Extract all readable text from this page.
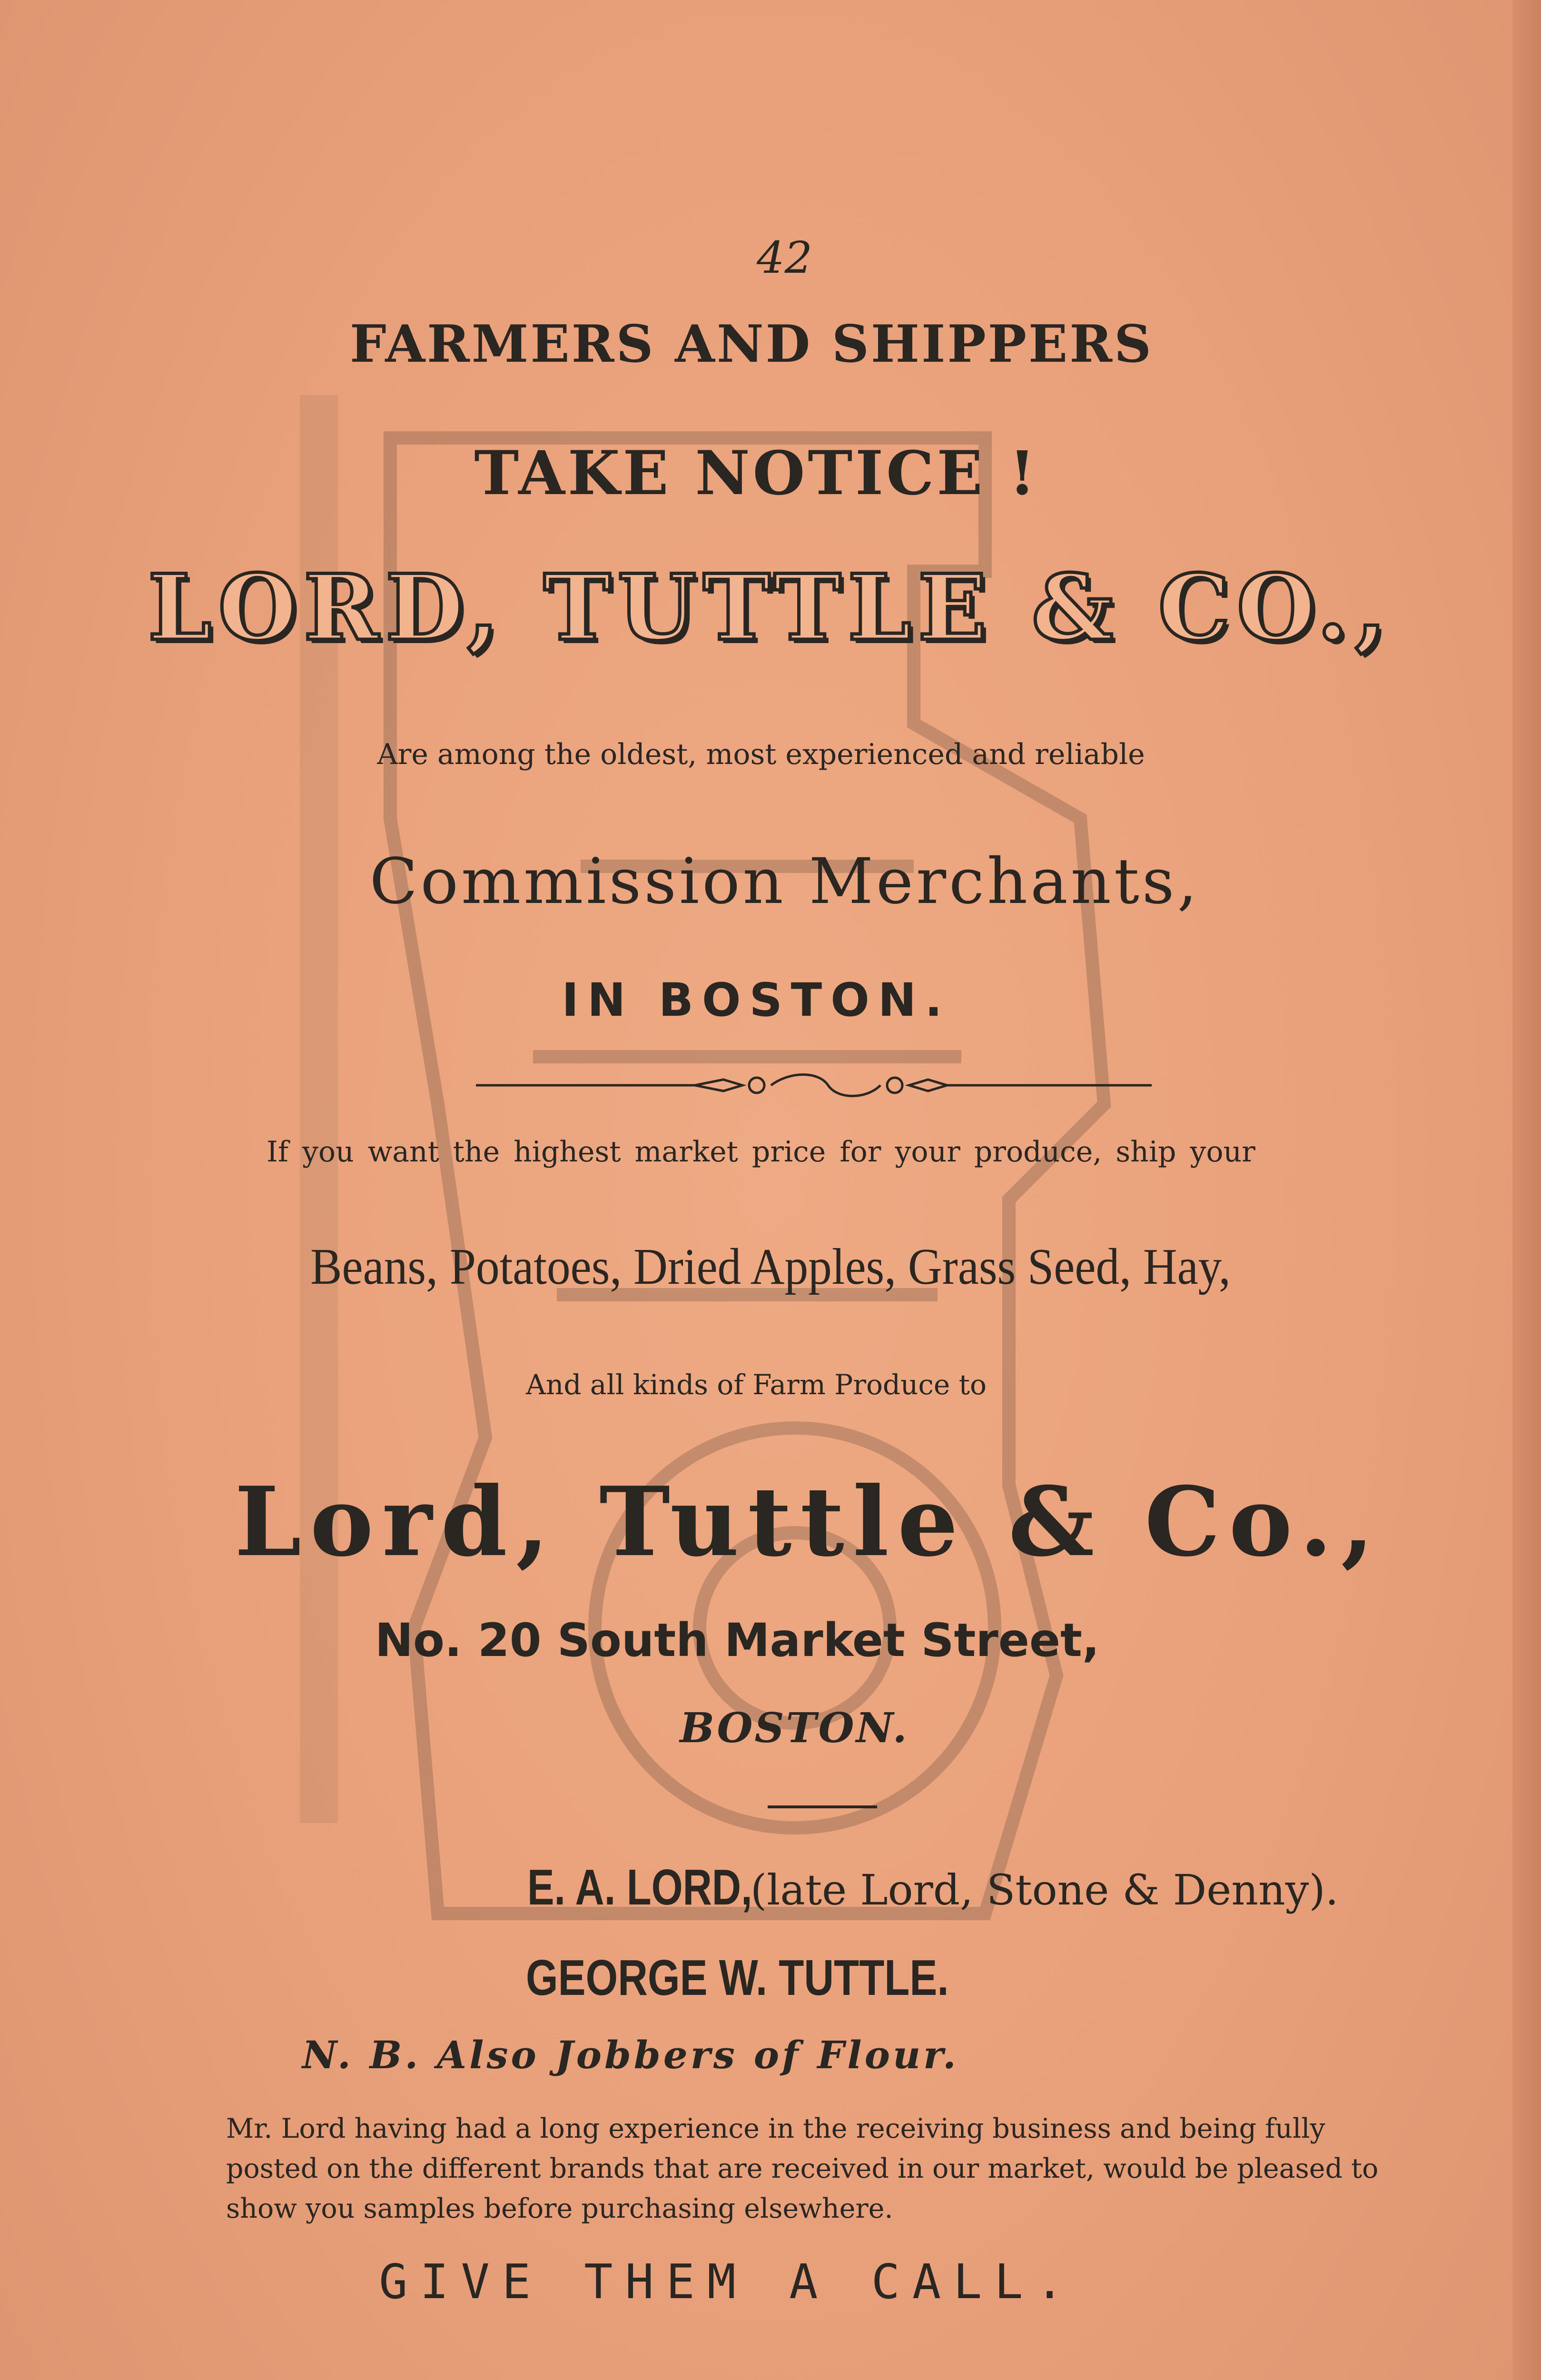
42
FARMERS AND SHIPPERS
TAKE NOTICE !
LORD, TUTTLE & CO.,
Are among the oldest, most experienced and reliable
Commission Merchants,
IN BOSTON.
If you want the highest market price for your produce, ship your
Beans, Potatoes, Dried Apples, Grass Seed, Hay,
And all kinds of Farm Produce to
Lord, Tuttle & Co.,
No. 20 South Market Street,
BOSTON.
E. A. LORD, (late Lord, Stone & Denny).
GEORGE W. TUTTLE.
N. B. Also Jobbers of Flour.
Mr. Lord having had a long experience in the receiving business and being fully
posted on the different brands that are received in our market, would be pleased to
show you samples before purchasing elsewhere.
GIVE THEM A CALL.
